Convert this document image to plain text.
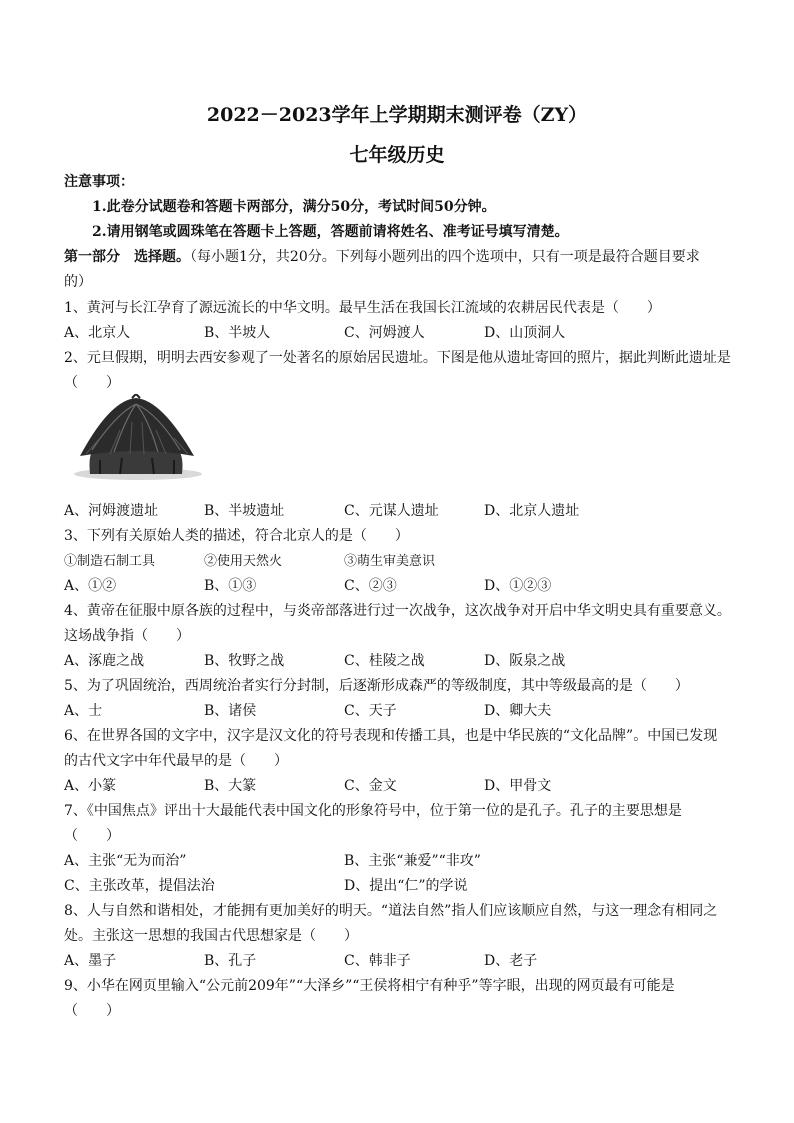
2022－2023学年上学期期末测评卷（ZY）
七年级历史
注意事项：
1.此卷分试题卷和答题卡两部分，满分50分，考试时间50分钟。
2.请用钢笔或圆珠笔在答题卡上答题，答题前请将姓名、准考证号填写清楚。
第一部分　选择题。（每小题1分，共20分。下列每小题列出的四个选项中，只有一项是最符合题目要求
的）
1、黄河与长江孕育了源远流长的中华文明。最早生活在我国长江流域的农耕居民代表是（　　）
A、北京人	B、半坡人	C、河姆渡人	D、山顶洞人
2、元旦假期，明明去西安参观了一处著名的原始居民遗址。下图是他从遗址寄回的照片，据此判断此遗址是
（　　）
A、河姆渡遗址	B、半坡遗址	C、元谋人遗址	D、北京人遗址
3、下列有关原始人类的描述，符合北京人的是（　　）
①制造石制工具	②使用天然火	③萌生审美意识
A、①②	B、①③	C、②③	D、①②③
4、黄帝在征服中原各族的过程中，与炎帝部落进行过一次战争，这次战争对开启中华文明史具有重要意义。
这场战争指（　　）
A、涿鹿之战	B、牧野之战	C、桂陵之战	D、阪泉之战
5、为了巩固统治，西周统治者实行分封制，后逐渐形成森严的等级制度，其中等级最高的是（　　）
A、士	B、诸侯	C、天子	D、卿大夫
6、在世界各国的文字中，汉字是汉文化的符号表现和传播工具，也是中华民族的“文化品牌”。中国已发现
的古代文字中年代最早的是（　　）
A、小篆	B、大篆	C、金文	D、甲骨文
7、《中国焦点》评出十大最能代表中国文化的形象符号中，位于第一位的是孔子。孔子的主要思想是
（　　）
A、主张“无为而治”	B、主张“兼爱”“非攻”
C、主张改革，提倡法治	D、提出“仁”的学说
8、人与自然和谐相处，才能拥有更加美好的明天。“道法自然”指人们应该顺应自然，与这一理念有相同之
处。主张这一思想的我国古代思想家是（　　）
A、墨子	B、孔子	C、韩非子	D、老子
9、小华在网页里输入“公元前209年”“大泽乡”“王侯将相宁有种乎”等字眼，出现的网页最有可能是
（　　）
